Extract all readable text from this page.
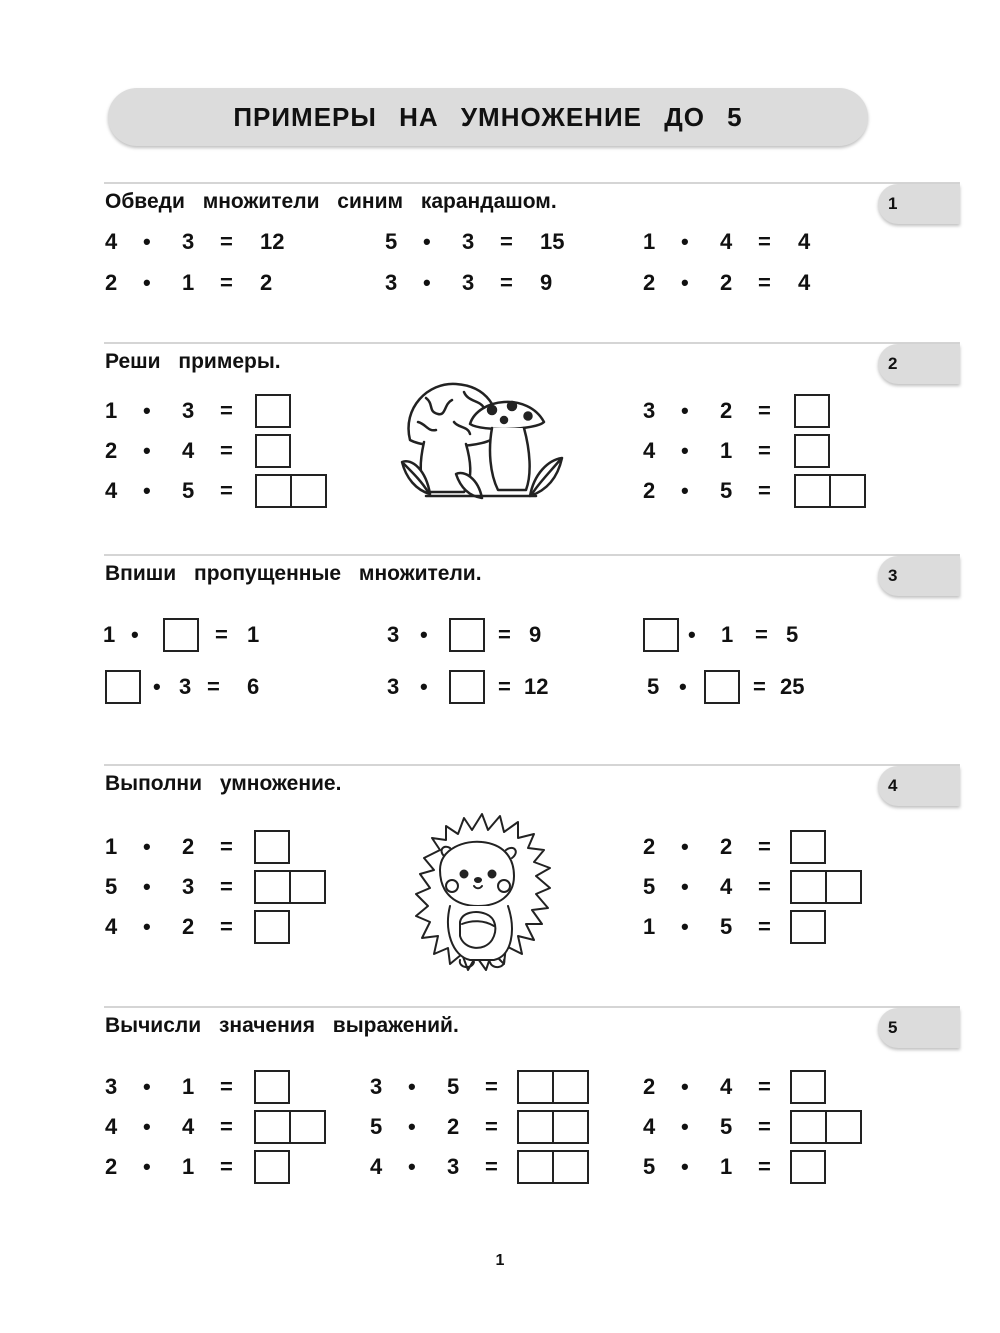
ПРИМЕРЫ НА УМНОЖЕНИЕ ДО 5
1
Обведи множители синим карандашом.
4 • 3 = 12	5 • 3 = 15	1 • 4 = 4
2 • 1 = 2	3 • 3 = 9	2 • 2 = 4
2
Реши примеры.
1 • 3 =
2 • 4 =
4 • 5 =
3 • 2 =
4 • 1 =
2 • 5 =
3
Впиши пропущенные множители.
1 •	= 1	3 •	= 9	• 1 = 5
• 3 = 6	3 •	= 12	5 •	= 25
4
Выполни умножение.
1 • 2 =
5 • 3 =
4 • 2 =
2 • 2 =
5 • 4 =
1 • 5 =
5
Вычисли значения выражений.
3 • 1 =
4 • 4 =
2 • 1 =
3 • 5 =
5 • 2 =
4 • 3 =
2 • 4 =
4 • 5 =
5 • 1 =
1
